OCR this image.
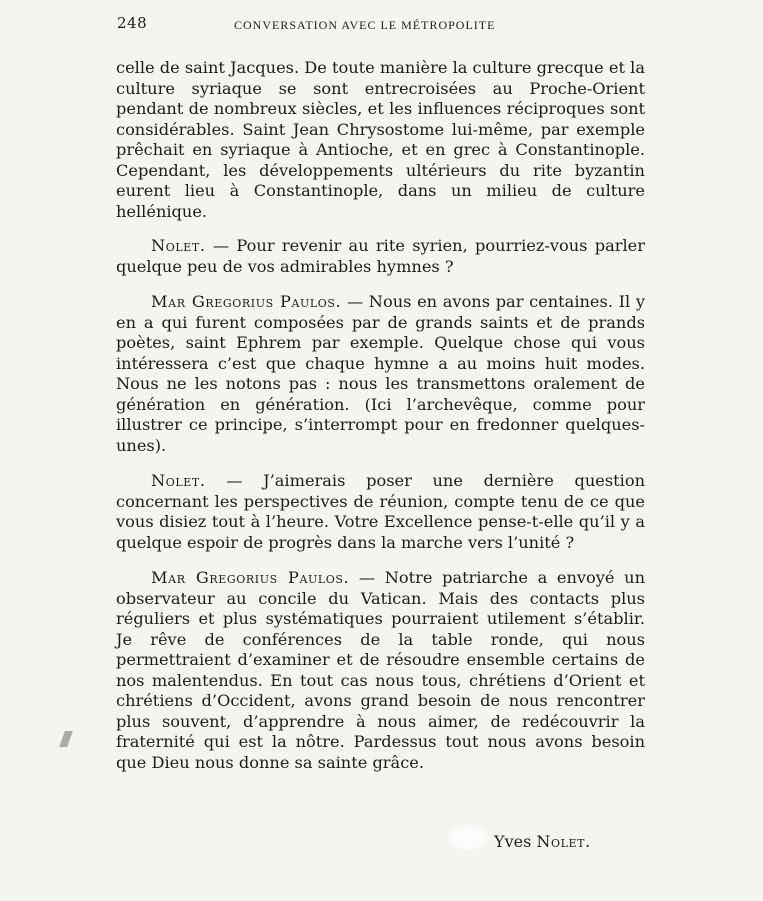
248	CONVERSATION AVEC LE MÉTROPOLITE

celle de saint Jacques. De toute manière la culture grecque et la culture syriaque se sont entrecroisées au Proche-Orient pendant de nombreux siècles, et les influences réciproques sont considérables. Saint Jean Chrysostome lui-même, par exemple prêchait en syriaque à Antioche, et en grec à Constantinople. Cependant, les développements ultérieurs du rite byzantin eurent lieu à Constantinople, dans un milieu de culture hellénique.

Nolet. — Pour revenir au rite syrien, pourriez-vous parler quelque peu de vos admirables hymnes ?

Mar Gregorius Paulos. — Nous en avons par centaines. Il y en a qui furent composées par de grands saints et de prands poètes, saint Ephrem par exemple. Quelque chose qui vous intéressera c’est que chaque hymne a au moins huit modes. Nous ne les notons pas : nous les transmettons oralement de génération en génération. (Ici l’archevêque, comme pour illustrer ce principe, s’interrompt pour en fredonner quelques-unes).

Nolet. — J’aimerais poser une dernière question concernant les perspectives de réunion, compte tenu de ce que vous disiez tout à l’heure. Votre Excellence pense-t-elle qu’il y a quelque espoir de progrès dans la marche vers l’unité ?

Mar Gregorius Paulos. — Notre patriarche a envoyé un observateur au concile du Vatican. Mais des contacts plus réguliers et plus systématiques pourraient utilement s’établir. Je rêve de conférences de la table ronde, qui nous permettraient d’examiner et de résoudre ensemble certains de nos malentendus. En tout cas nous tous, chrétiens d’Orient et chrétiens d’Occident, avons grand besoin de nous rencontrer plus souvent, d’apprendre à nous aimer, de redécouvrir la fraternité qui est la nôtre. Pardessus tout nous avons besoin que Dieu nous donne sa sainte grâce.

Yves Nolet.
